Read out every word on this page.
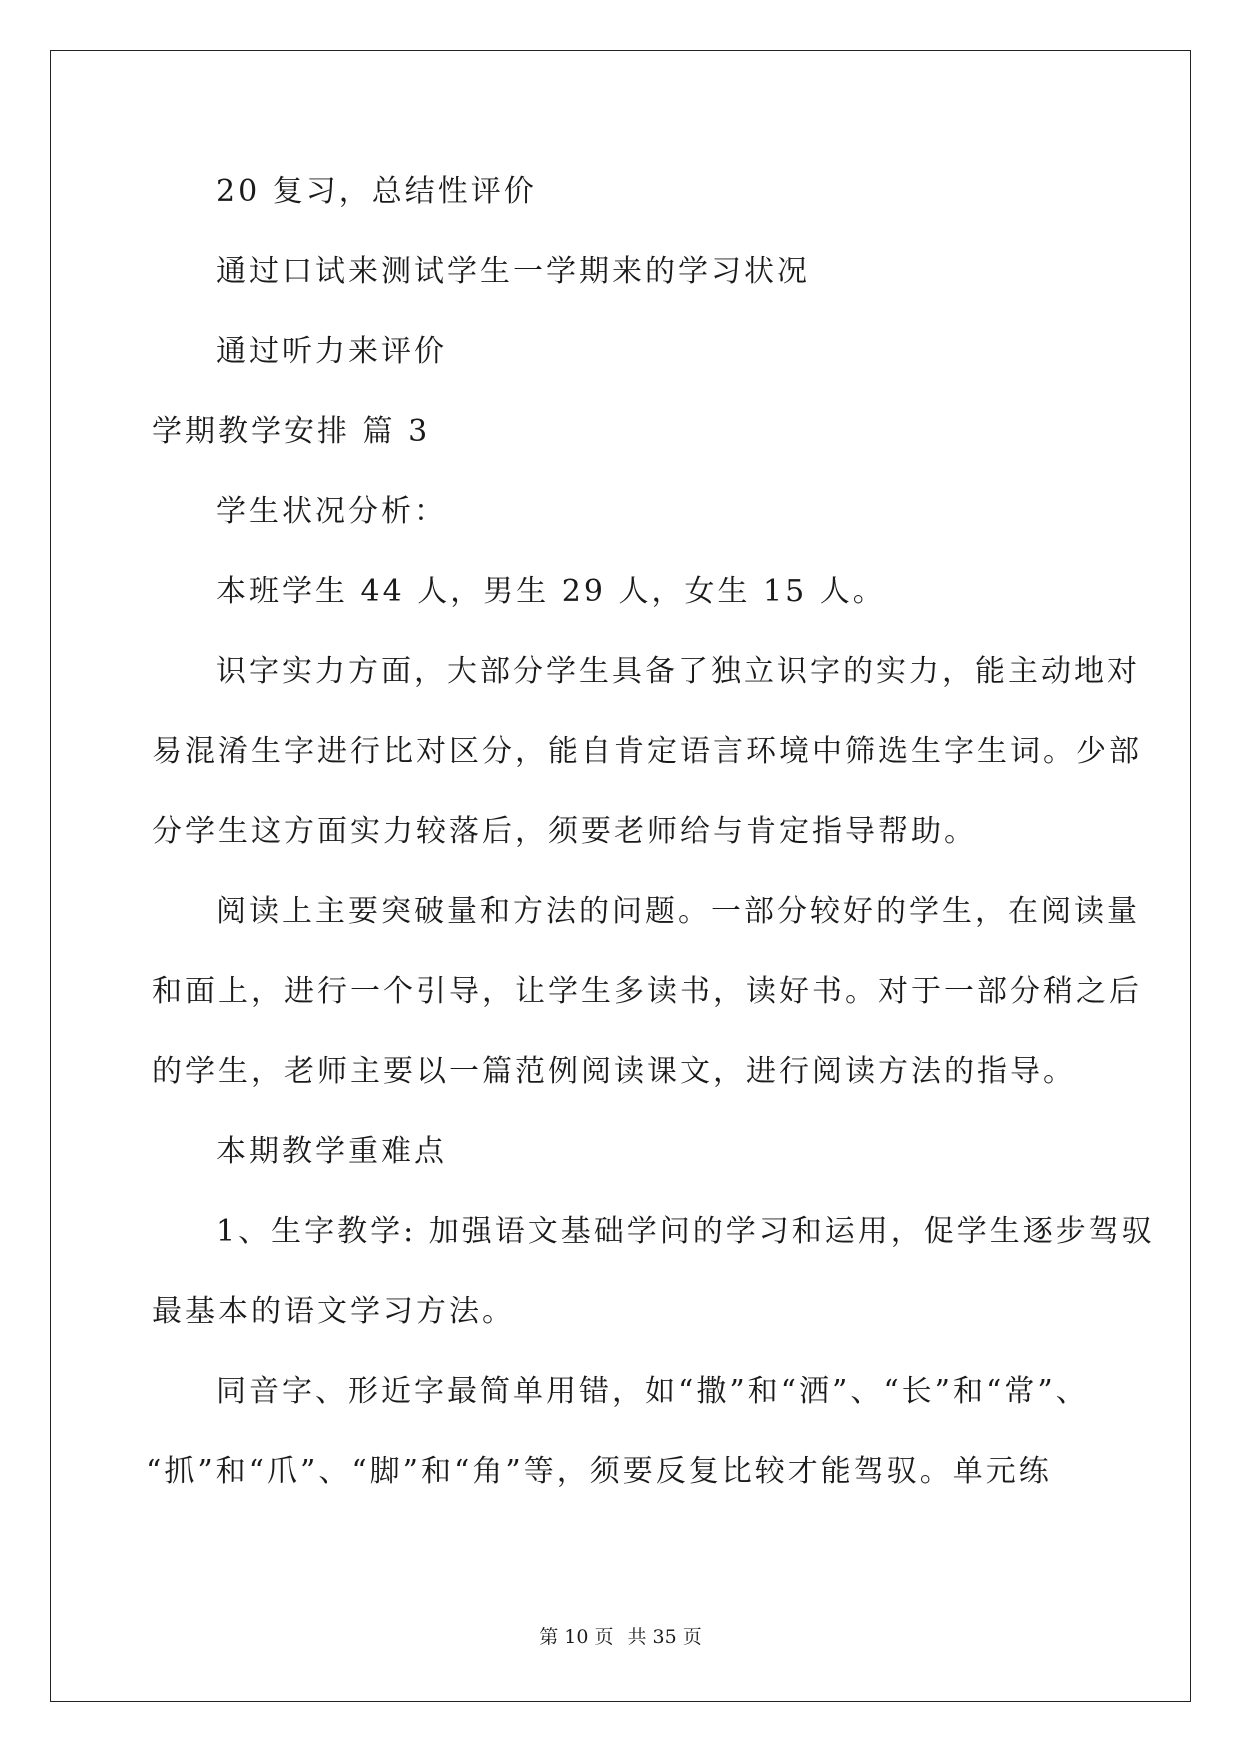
20 复习，总结性评价
通过口试来测试学生一学期来的学习状况
通过听力来评价
学期教学安排 篇 3
学生状况分析：
本班学生 44 人，男生 29 人，女生 15 人。
识字实力方面，大部分学生具备了独立识字的实力，能主动地对
易混淆生字进行比对区分，能自肯定语言环境中筛选生字生词。少部
分学生这方面实力较落后，须要老师给与肯定指导帮助。
阅读上主要突破量和方法的问题。一部分较好的学生，在阅读量
和面上，进行一个引导，让学生多读书，读好书。对于一部分稍之后
的学生，老师主要以一篇范例阅读课文，进行阅读方法的指导。
本期教学重难点
1、生字教学: 加强语文基础学问的学习和运用，促学生逐步驾驭
最基本的语文学习方法。
同音字、形近字最简单用错，如“撒”和“洒”、“长”和“常”、
“抓”和“爪”、“脚”和“角”等，须要反复比较才能驾驭。单元练
第 10 页 共 35 页
